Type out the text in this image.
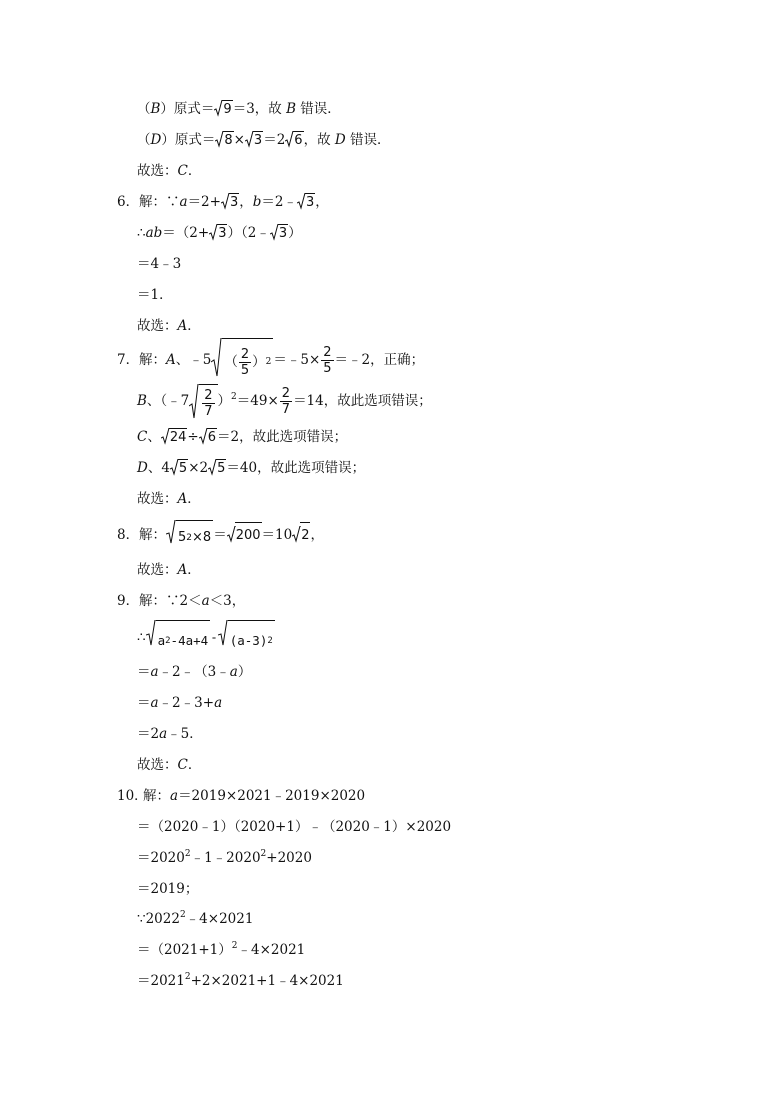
（B）原式＝ 9＝3，故 B 错误．
（D）原式＝ 8× 3＝2 6，故 D 错误．
故选：C．
6．解：∵a＝2+ 3，b＝2﹣ 3，
∴ab＝（2+ 3）（2﹣ 3）
＝4﹣3
＝1．
故选：A．
7．解：A、﹣5 （ $\frac{2}{5}$ ） 2 ＝﹣5× $\frac{2}{5}$ ＝﹣2，正确；
B、（﹣7 $\frac{2}{7} )^2=49\times \frac{2}{7} =14$，故此选项错误；
C、 24÷ 6＝2，故此选项错误；
D、4 5×2 5＝40，故此选项错误；
故选：A．
8．解： 5 2 ×8 ＝ 200＝10 2，
故选：A．
9．解：∵2＜a＜3，
∴ a 2 -4a+4 - (a-3) 2
＝a﹣2﹣（3﹣a）
＝a﹣2﹣3+a
＝2a﹣5．
故选：C．
10．解：a＝2019×2021﹣2019×2020
＝（2020﹣1）（2020+1）﹣（2020﹣1）×2020
$=2020^2﹣1﹣2020^2+2020$
＝2019；
$\because 2022^2﹣4\times 2021$
$=(2021+1)^2﹣4\times 2021$
$=2021^2+2\times 2021+1﹣4\times 2021$
